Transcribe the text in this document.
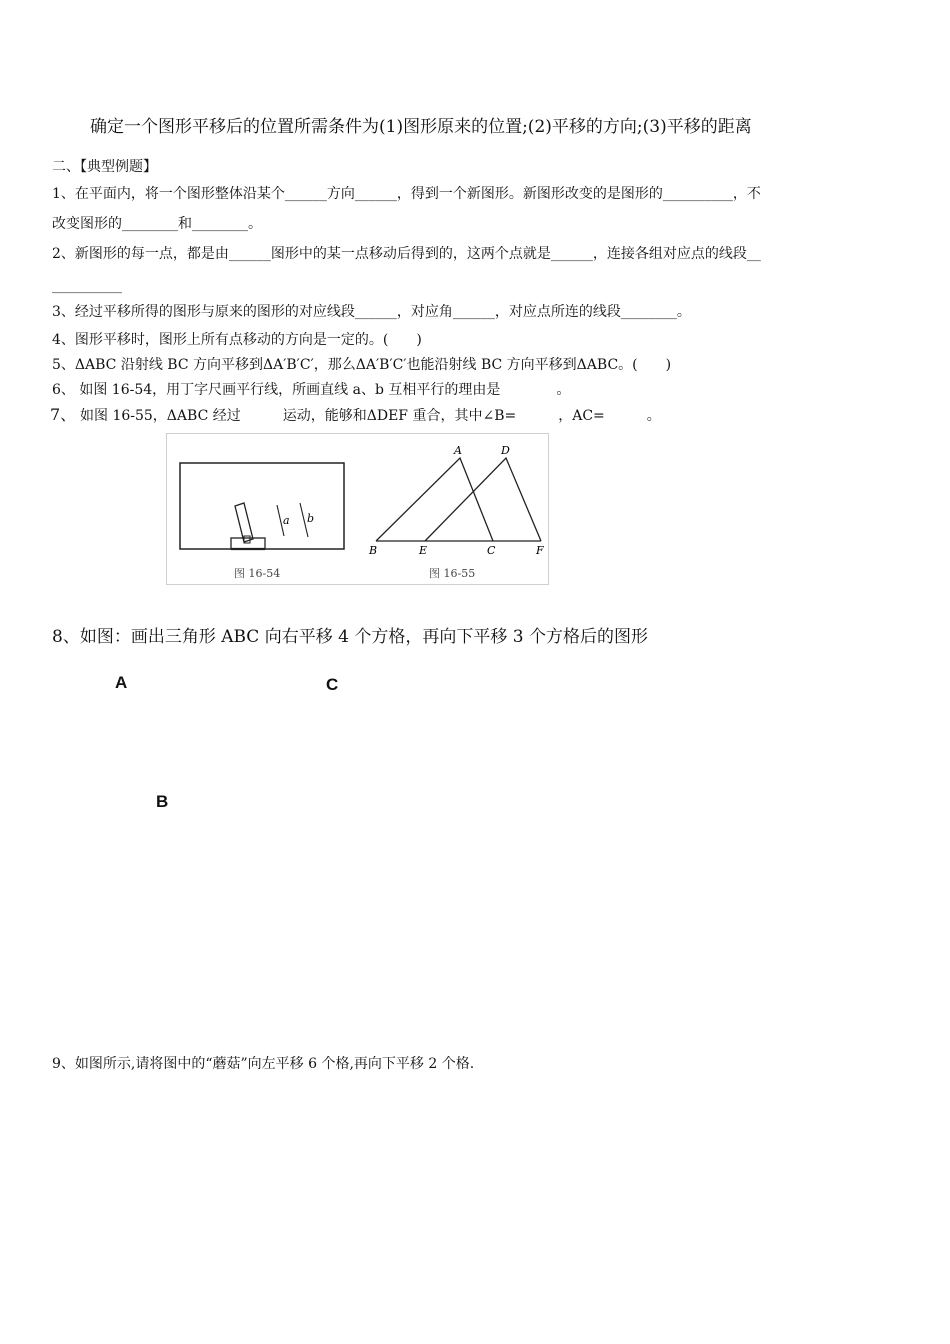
确定一个图形平移后的位置所需条件为(1)图形原来的位置;(2)平移的方向;(3)平移的距离
二、【典型例题】
1、在平面内，将一个图形整体沿某个______方向______，得到一个新图形。新图形改变的是图形的__________，不
改变图形的________和________。
2、新图形的每一点，都是由______图形中的某一点移动后得到的，这两个点就是______，连接各组对应点的线段__
__________
3、经过平移所得的图形与原来的图形的对应线段______，对应角______，对应点所连的线段________。
4、图形平移时，图形上所有点移动的方向是一定的。(　　)
5、ΔABC 沿射线 BC 方向平移到ΔA′B′C′，那么ΔA′B′C′也能沿射线 BC 方向平移到ΔABC。(　　)
6、 如图 16-54，用丁字尺画平行线，所画直线 a、b 互相平行的理由是　　　　。
7、 如图 16-55，ΔABC 经过　　　运动，能够和ΔDEF 重合，其中∠B=　　　，AC=　　　。
a b
图 16-54
A	D
B	E	C	F
图 16-55
8、如图：画出三角形 ABC 向右平移 4 个方格，再向下平移 3 个方格后的图形
A	C
B
9、如图所示,请将图中的“蘑菇”向左平移 6 个格,再向下平移 2 个格.
